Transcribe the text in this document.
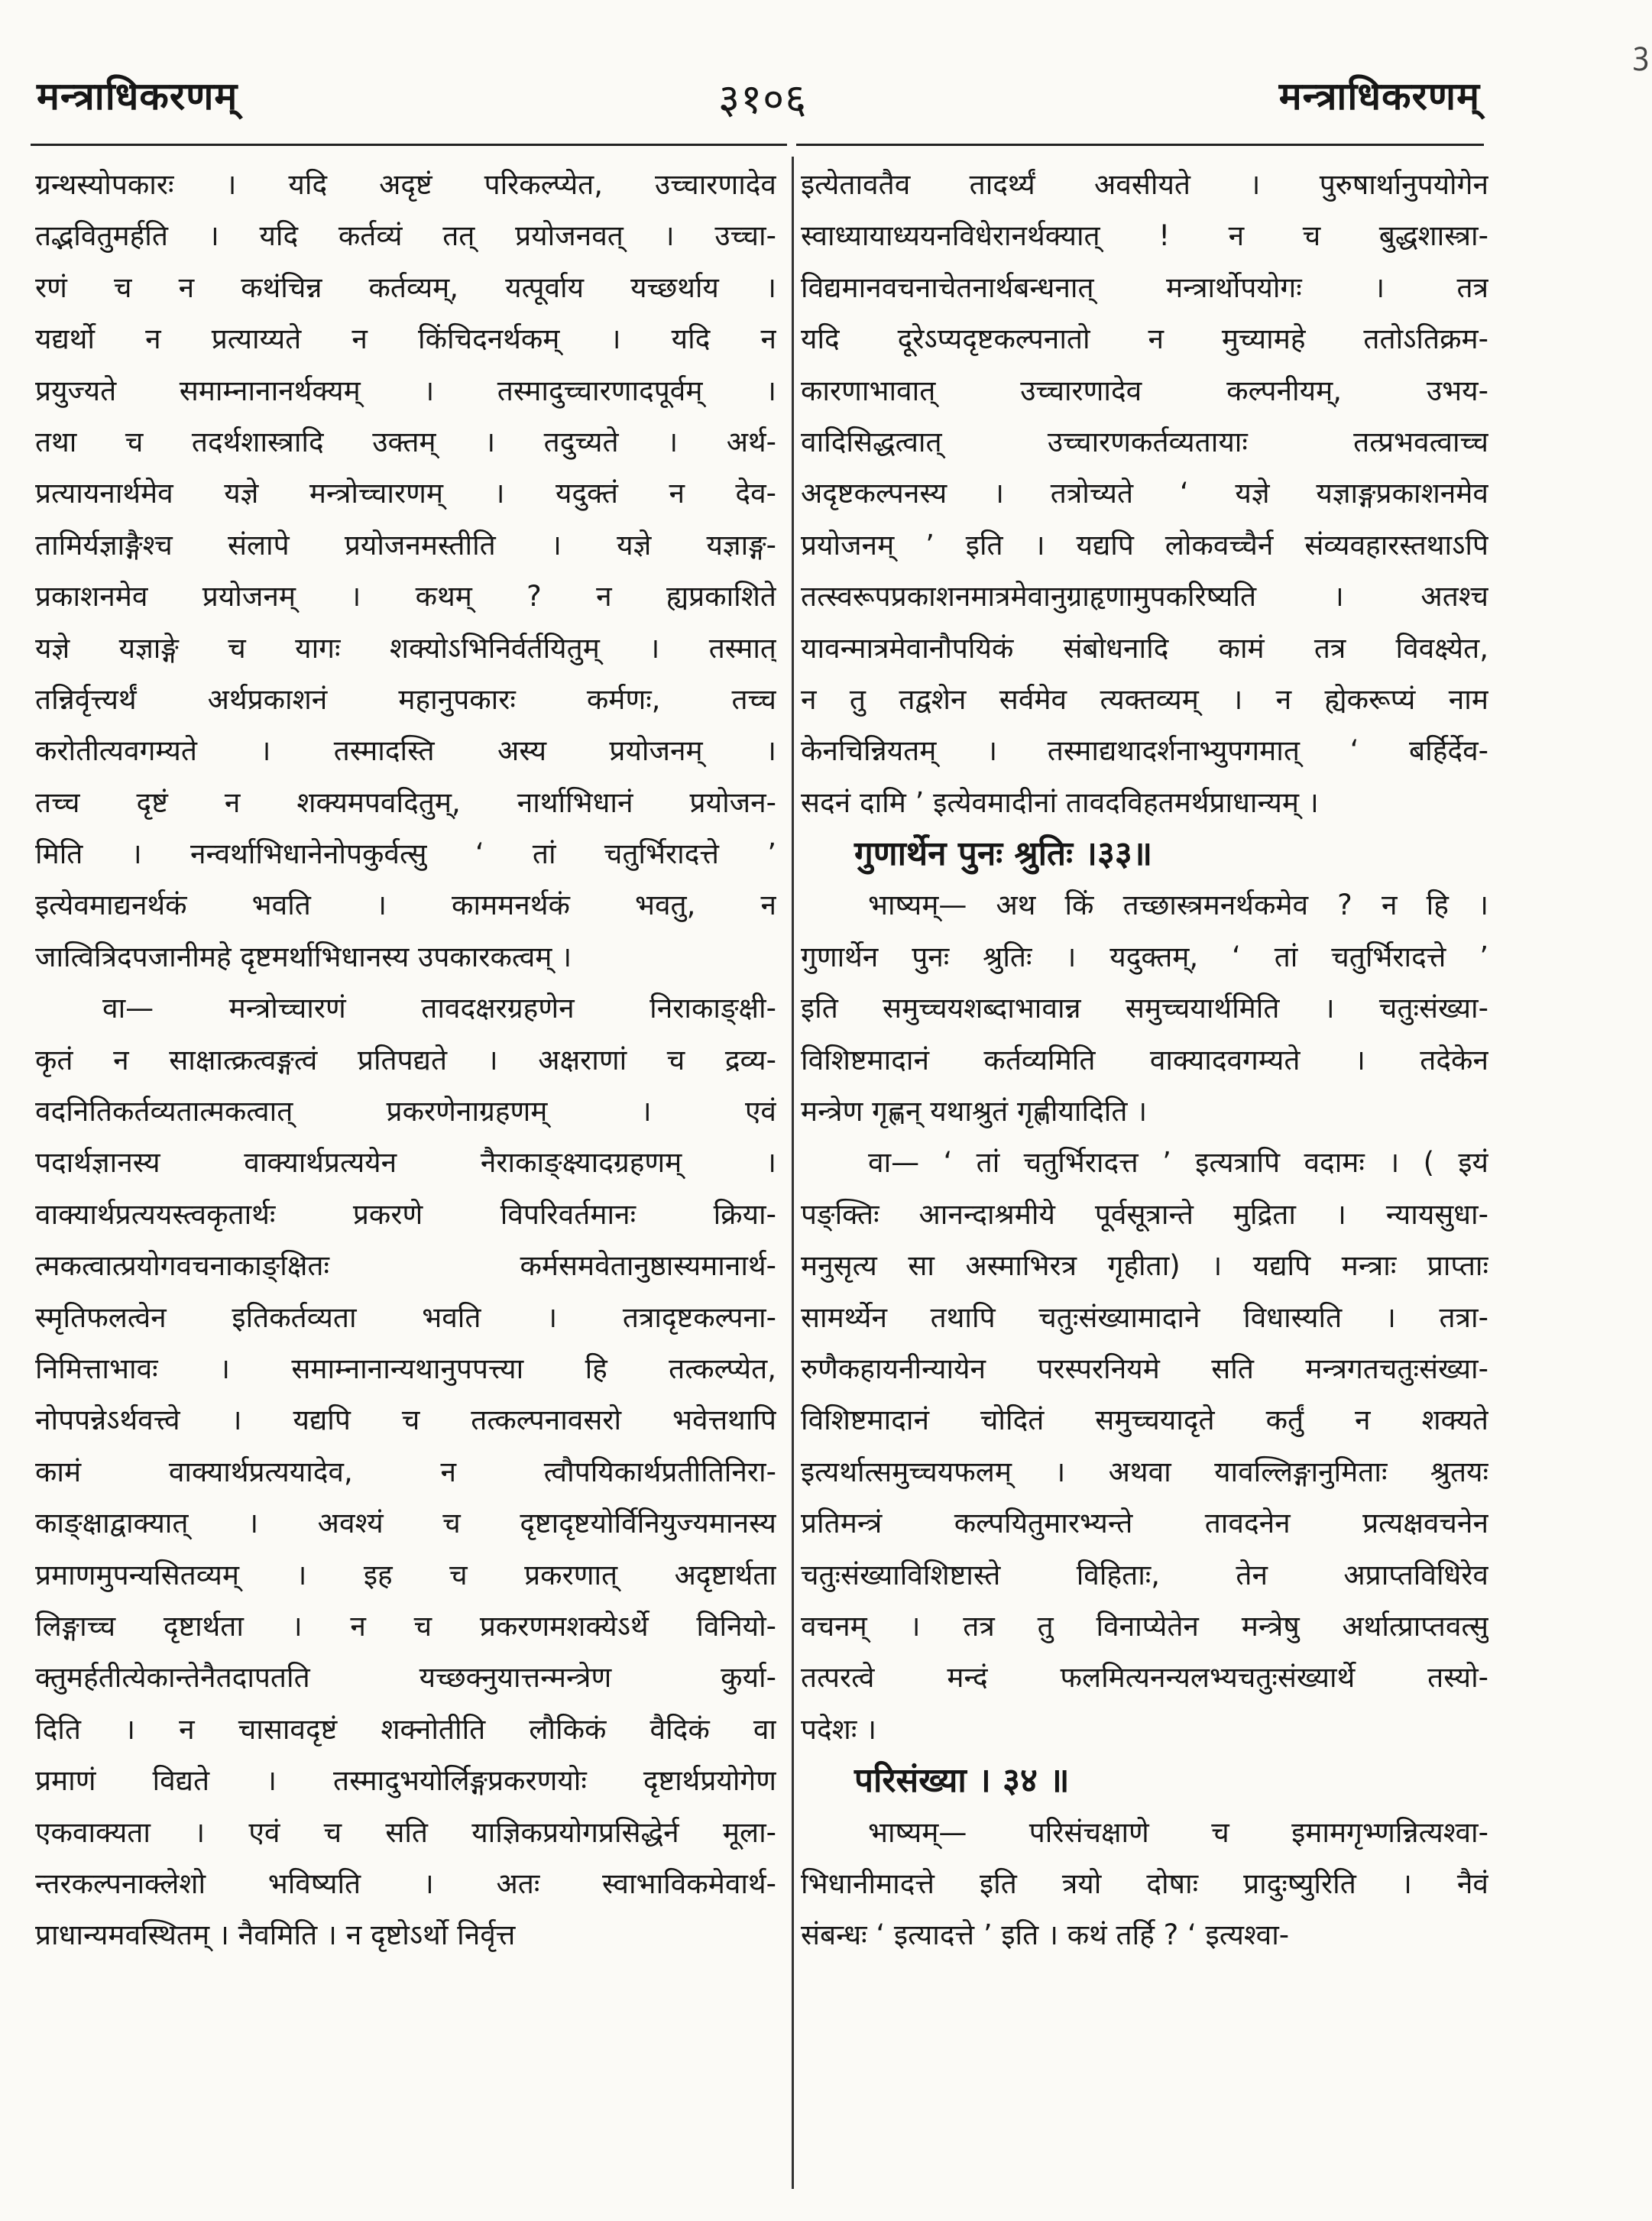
मन्त्राधिकरणम्	३१०६	मन्त्राधिकरणम्
ग्रन्थस्योपकारः । यदि अदृष्टं परिकल्प्येत, उच्चारणादेव
तद्भवितुमर्हति । यदि कर्तव्यं तत् प्रयोजनवत् । उच्चा-
रणं च न कथंचिन्न कर्तव्यम्, यत्पूर्वाय यच्छर्थाय ।
यद्यर्थो न प्रत्याय्यते न किंचिदनर्थकम् । यदि न
प्रयुज्यते समाम्नानानर्थक्यम् । तस्मादुच्चारणादपूर्वम् ।
तथा च तदर्थशास्त्रादि उक्तम् । तदुच्यते । अर्थ-
प्रत्यायनार्थमेव यज्ञे मन्त्रोच्चारणम् । यदुक्तं न देव-
तामिर्यज्ञाङ्गैश्च संलापे प्रयोजनमस्तीति । यज्ञे यज्ञाङ्ग-
प्रकाशनमेव प्रयोजनम् । कथम् ? न ह्यप्रकाशिते
यज्ञे यज्ञाङ्गे च यागः शक्योऽभिनिर्वर्तयितुम् । तस्मात्
तन्निर्वृत्त्यर्थं अर्थप्रकाशनं महानुपकारः कर्मणः, तच्च
करोतीत्यवगम्यते । तस्मादस्ति अस्य प्रयोजनम् ।
तच्च दृष्टं न शक्यमपवदितुम्, नार्थाभिधानं प्रयोजन-
मिति । नन्वर्थाभिधानेनोपकुर्वत्सु ‘ तां चतुर्भिरादत्ते ’
इत्येवमाद्यनर्थकं भवति । काममनर्थकं भवतु, न
जात्वित्रिदपजानीमहे दृष्टमर्थाभिधानस्य उपकारकत्वम् ।
वा— मन्त्रोच्चारणं तावदक्षरग्रहणेन निराकाङ्क्षी-
कृतं न साक्षात्क्रत्वङ्गत्वं प्रतिपद्यते । अक्षराणां च द्रव्य-
वदनितिकर्तव्यतात्मकत्वात् प्रकरणेनाग्रहणम् । एवं
पदार्थज्ञानस्य वाक्यार्थप्रत्ययेन नैराकाङ्क्ष्यादग्रहणम् ।
वाक्यार्थप्रत्ययस्त्वकृतार्थः प्रकरणे विपरिवर्तमानः क्रिया-
त्मकत्वात्प्रयोगवचनाकाङ्क्षितः कर्मसमवेतानुष्ठास्यमानार्थ-
स्मृतिफलत्वेन इतिकर्तव्यता भवति । तत्रादृष्टकल्पना-
निमित्ताभावः । समाम्नानान्यथानुपपत्त्या हि तत्कल्प्येत,
नोपपन्नेऽर्थवत्त्वे । यद्यपि च तत्कल्पनावसरो भवेत्तथापि
कामं वाक्यार्थप्रत्ययादेव, न त्वौपयिकार्थप्रतीतिनिरा-
काङ्क्षाद्वाक्यात् । अवश्यं च दृष्टादृष्टयोर्विनियुज्यमानस्य
प्रमाणमुपन्यसितव्यम् । इह च प्रकरणात् अदृष्टार्थता
लिङ्गाच्च दृष्टार्थता । न च प्रकरणमशक्येऽर्थे विनियो-
क्तुमर्हतीत्येकान्तेनैतदापतति यच्छक्नुयात्तन्मन्त्रेण कुर्या-
दिति । न चासावदृष्टं शक्नोतीति लौकिकं वैदिकं वा
प्रमाणं विद्यते । तस्मादुभयोर्लिङ्गप्रकरणयोः दृष्टार्थप्रयोगेण
एकवाक्यता । एवं च सति याज्ञिकप्रयोगप्रसिद्धेर्न मूला-
न्तरकल्पनाक्लेशो भविष्यति । अतः स्वाभाविकमेवार्थ-
प्राधान्यमवस्थितम् । नैवमिति । न दृष्टोऽर्थो निर्वृत्त
इत्येतावतैव तादर्थ्यं अवसीयते । पुरुषार्थानुपयोगेन
स्वाध्यायाध्ययनविधेरानर्थक्यात् ! न च बुद्धशास्त्रा-
विद्यमानवचनाचेतनार्थबन्धनात् मन्त्रार्थोपयोगः । तत्र
यदि दूरेऽप्यदृष्टकल्पनातो न मुच्यामहे ततोऽतिक्रम-
कारणाभावात् उच्चारणादेव कल्पनीयम्, उभय-
वादिसिद्धत्वात् उच्चारणकर्तव्यतायाः तत्प्रभवत्वाच्च
अदृष्टकल्पनस्य । तत्रोच्यते ‘ यज्ञे यज्ञाङ्गप्रकाशनमेव
प्रयोजनम् ’ इति । यद्यपि लोकवच्चैर्न संव्यवहारस्तथाऽपि
तत्स्वरूपप्रकाशनमात्रमेवानुग्राहृणामुपकरिष्यति । अतश्च
यावन्मात्रमेवानौपयिकं संबोधनादि कामं तत्र विवक्ष्येत,
न तु तद्वशेन सर्वमेव त्यक्तव्यम् । न ह्येकरूप्यं नाम
केनचिन्नियतम् । तस्माद्यथादर्शनाभ्युपगमात् ‘ बर्हिर्देव-
सदनं दामि ’ इत्येवमादीनां तावदविहतमर्थप्राधान्यम् ।
गुणार्थेन पुनः श्रुतिः ।३३॥
भाष्यम्— अथ किं तच्छास्त्रमनर्थकमेव ? न हि ।
गुणार्थेन पुनः श्रुतिः । यदुक्तम्, ‘ तां चतुर्भिरादत्ते ’
इति समुच्चयशब्दाभावान्न समुच्चयार्थमिति । चतुःसंख्या-
विशिष्टमादानं कर्तव्यमिति वाक्यादवगम्यते । तदेकेन
मन्त्रेण गृह्णन् यथाश्रुतं गृह्णीयादिति ।
वा— ‘ तां चतुर्भिरादत्त ’ इत्यत्रापि वदामः । ( इयं
पङ्क्तिः आनन्दाश्रमीये पूर्वसूत्रान्ते मुद्रिता । न्यायसुधा-
मनुसृत्य सा अस्माभिरत्र गृहीता) । यद्यपि मन्त्राः प्राप्ताः
सामर्थ्येन तथापि चतुःसंख्यामादाने विधास्यति । तत्रा-
रुणैकहायनीन्यायेन परस्परनियमे सति मन्त्रगतचतुःसंख्या-
विशिष्टमादानं चोदितं समुच्चयादृते कर्तुं न शक्यते
इत्यर्थात्समुच्चयफलम् । अथवा यावल्लिङ्गानुमिताः श्रुतयः
प्रतिमन्त्रं कल्पयितुमारभ्यन्ते तावदनेन प्रत्यक्षवचनेन
चतुःसंख्याविशिष्टास्ते विहिताः, तेन अप्राप्तविधिरेव
वचनम् । तत्र तु विनाप्येतेन मन्त्रेषु अर्थात्प्राप्तवत्सु
तत्परत्वे मन्दं फलमित्यनन्यलभ्यचतुःसंख्यार्थे तस्यो-
पदेशः ।
परिसंख्या । ३४ ॥
भाष्यम्— परिसंचक्षाणे च इमामगृभ्णन्नित्यश्वा-
भिधानीमादत्ते इति त्रयो दोषाः प्रादुःष्युरिति । नैवं
संबन्धः ‘ इत्यादत्ते ’ इति । कथं तर्हि ? ‘ इत्यश्वा-
ꝫ
